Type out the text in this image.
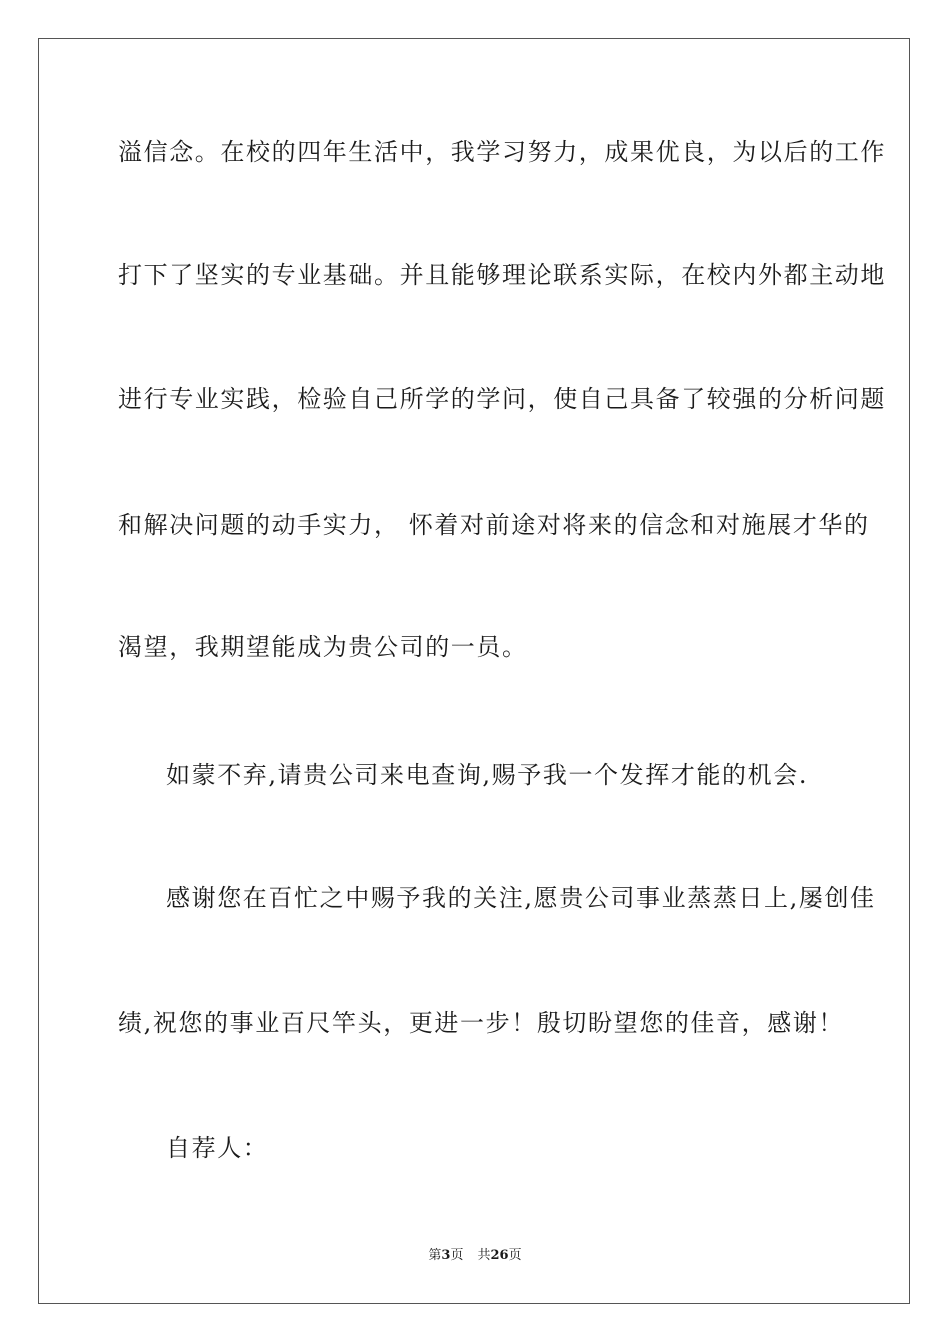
溢信念。在校的四年生活中，我学习努力，成果优良，为以后的工作
打下了坚实的专业基础。并且能够理论联系实际，在校内外都主动地
进行专业实践，检验自己所学的学问，使自己具备了较强的分析问题
和解决问题的动手实力， 怀着对前途对将来的信念和对施展才华的
渴望，我期望能成为贵公司的一员。
如蒙不弃,请贵公司来电查询,赐予我一个发挥才能的机会.
感谢您在百忙之中赐予我的关注,愿贵公司事业蒸蒸日上,屡创佳
绩,祝您的事业百尺竿头，更进一步！殷切盼望您的佳音，感谢！
自荐人：
第3页 共26页
